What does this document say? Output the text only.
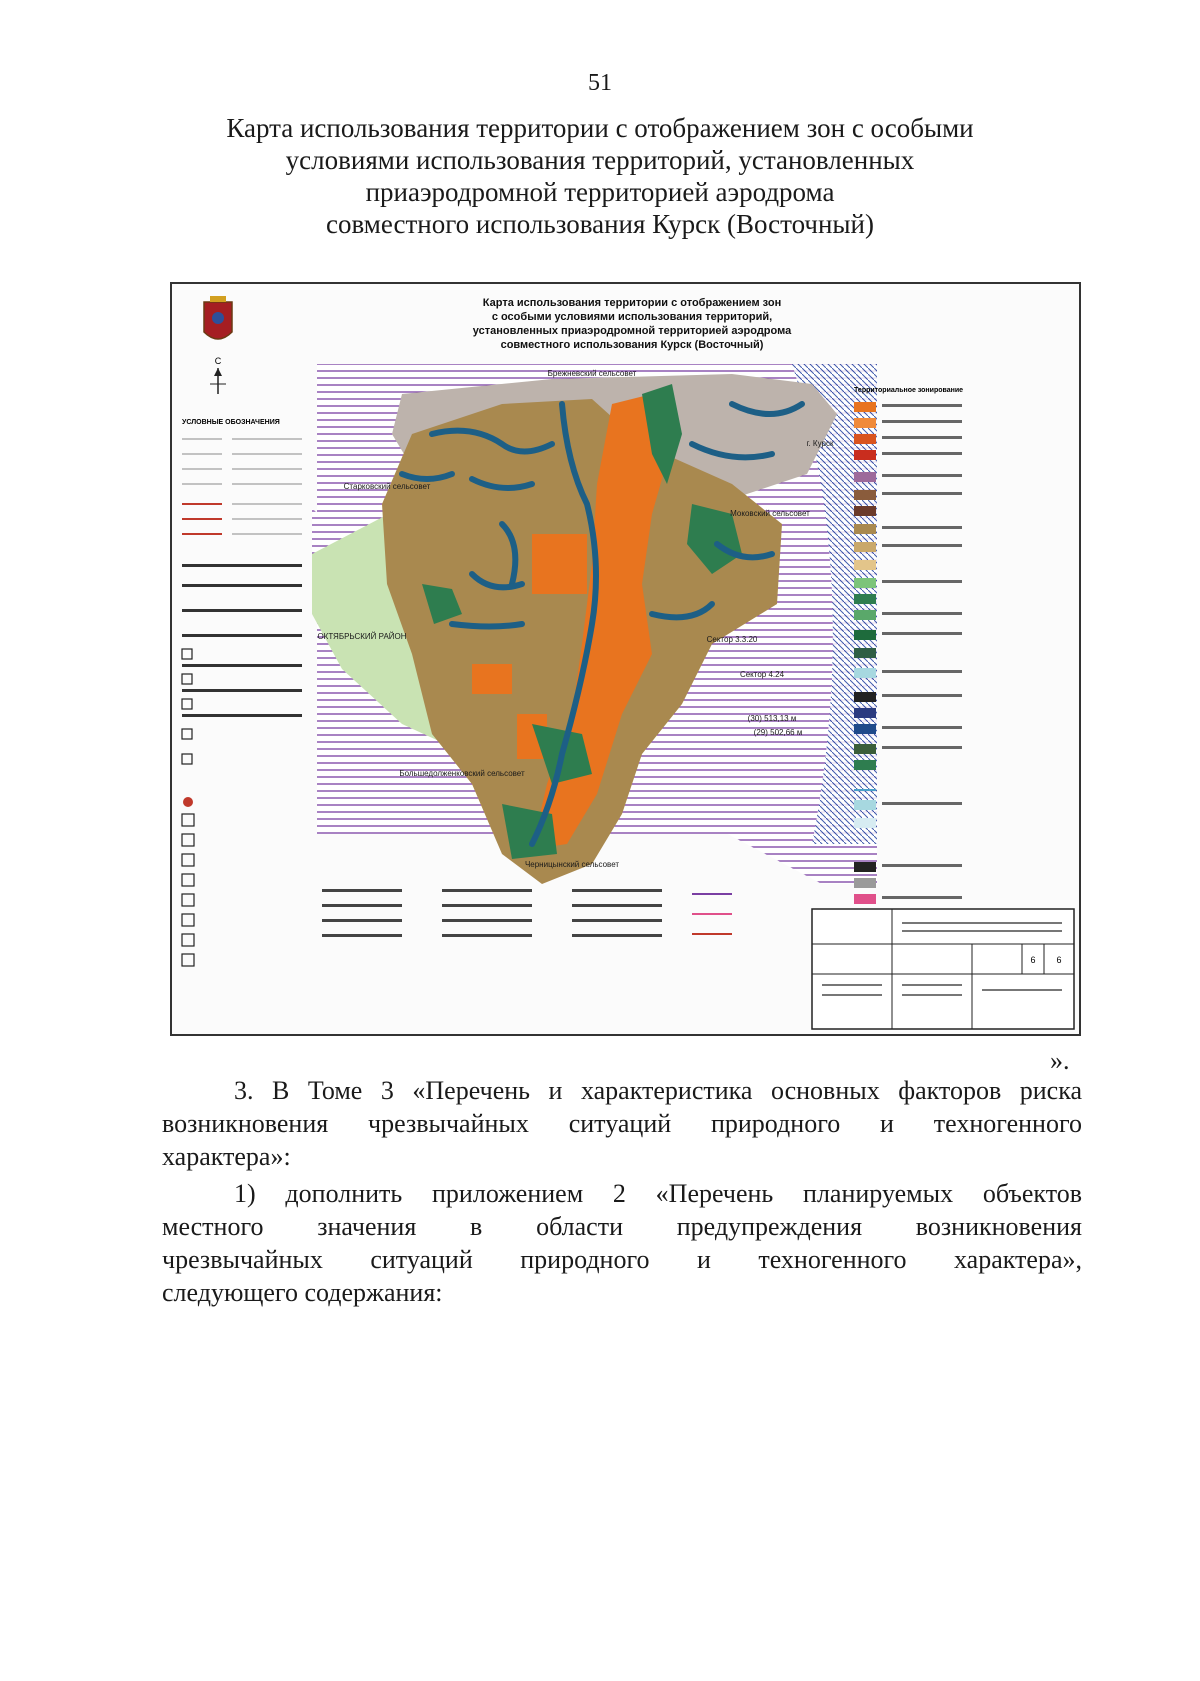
51
Карта использования территории с отображением зон с особыми
условиями использования территорий, установленных
приаэродромной территорией аэродрома
совместного использования Курск (Восточный)
Карта использования территории с отображением зон
с особыми условиями использования территорий,
установленных приаэродромной территорией аэродрома
совместного использования Курск (Восточный)
С
УСЛОВНЫЕ ОБОЗНАЧЕНИЯ
Территориальное зонирование
Брежневский сельсовет
Старковский сельсовет
ОКТЯБРЬСКИЙ РАЙОН
Большедолженковский сельсовет
Черницынский сельсовет
Моковский сельсовет
г. Курск
Сектор 3.3.20
Сектор 4.24
(30) 513,13 м
(29) 502,66 м
6 6
».
3. В Томе 3 «Перечень и характеристика основных факторов риска
возникновения чрезвычайных ситуаций природного и техногенного
характера»:
1) дополнить приложением 2 «Перечень планируемых объектов
местного значения в области предупреждения возникновения
чрезвычайных ситуаций природного и техногенного характера»,
следующего содержания:
